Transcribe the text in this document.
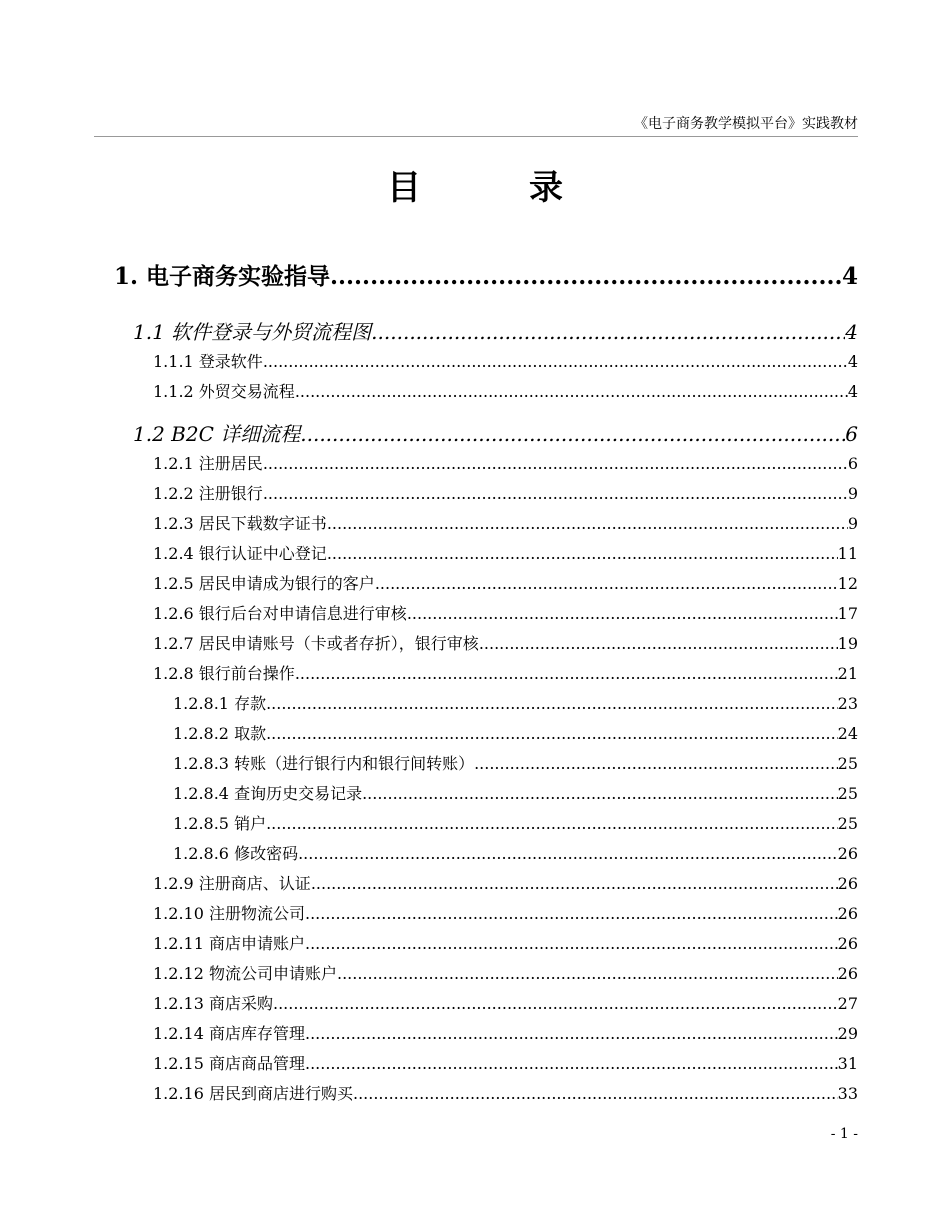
《电子商务教学模拟平台》实践教材
目	录
1. 电子商务实验指导 .....	4
1.1 软件登录与外贸流程图 .....	4
1.1.1 登录软件 .....	4
1.1.2 外贸交易流程 .....	4
1.2 B2C 详细流程 .....	6
1.2.1 注册居民 .....	6
1.2.2 注册银行 .....	9
1.2.3 居民下载数字证书 .....	9
1.2.4 银行认证中心登记 .....	11
1.2.5 居民申请成为银行的客户 .....	12
1.2.6 银行后台对申请信息进行审核 .....	17
1.2.7 居民申请账号（卡或者存折），银行审核 .....	19
1.2.8 银行前台操作 .....	21
1.2.8.1 存款 .....	23
1.2.8.2 取款 .....	24
1.2.8.3 转账（进行银行内和银行间转账） .....	25
1.2.8.4 查询历史交易记录 .....	25
1.2.8.5 销户 .....	25
1.2.8.6 修改密码 .....	26
1.2.9 注册商店、认证 .....	26
1.2.10 注册物流公司 .....	26
1.2.11 商店申请账户 .....	26
1.2.12 物流公司申请账户 .....	26
1.2.13 商店采购 .....	27
1.2.14 商店库存管理 .....	29
1.2.15 商店商品管理 .....	31
1.2.16 居民到商店进行购买 .....	33
- 1 -
